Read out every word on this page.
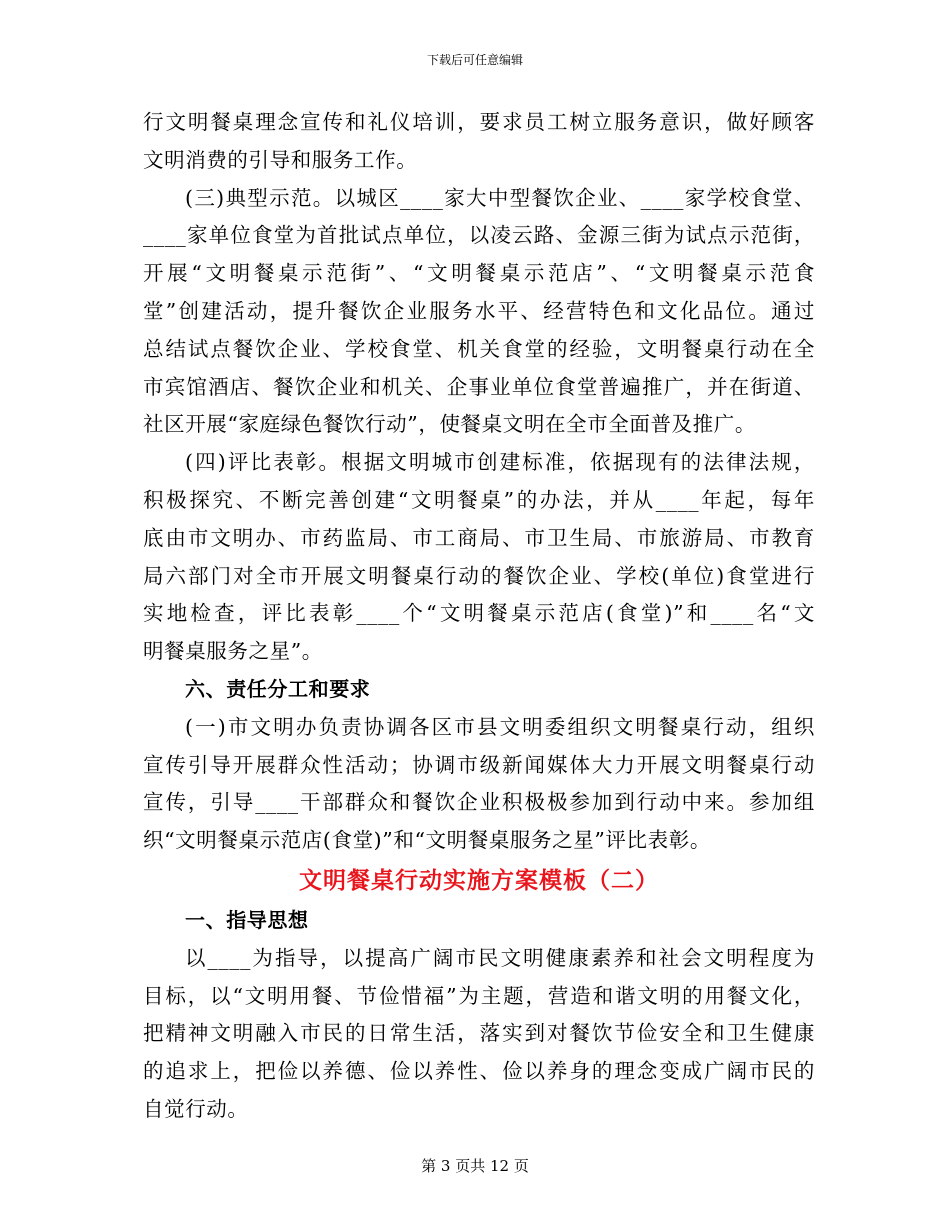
下载后可任意编辑
行文明餐桌理念宣传和礼仪培训，要求员工树立服务意识，做好顾客
文明消费的引导和服务工作。
(三)典型示范。以城区____家大中型餐饮企业、____家学校食堂、
____家单位食堂为首批试点单位，以凌云路、金源三街为试点示范街，
开展“文明餐桌示范街”、“文明餐桌示范店”、“文明餐桌示范食
堂”创建活动，提升餐饮企业服务水平、经营特色和文化品位。通过
总结试点餐饮企业、学校食堂、机关食堂的经验，文明餐桌行动在全
市宾馆酒店、餐饮企业和机关、企事业单位食堂普遍推广，并在街道、
社区开展“家庭绿色餐饮行动”，使餐桌文明在全市全面普及推广。
(四)评比表彰。根据文明城市创建标准，依据现有的法律法规，
积极探究、不断完善创建“文明餐桌”的办法，并从____年起，每年
底由市文明办、市药监局、市工商局、市卫生局、市旅游局、市教育
局六部门对全市开展文明餐桌行动的餐饮企业、学校(单位)食堂进行
实地检查，评比表彰____个“文明餐桌示范店(食堂)”和____名“文
明餐桌服务之星”。
六、责任分工和要求
(一)市文明办负责协调各区市县文明委组织文明餐桌行动，组织
宣传引导开展群众性活动；协调市级新闻媒体大力开展文明餐桌行动
宣传，引导____干部群众和餐饮企业积极极参加到行动中来。参加组
织“文明餐桌示范店(食堂)”和“文明餐桌服务之星”评比表彰。
文明餐桌行动实施方案模板（二）
一、指导思想
以____为指导，以提高广阔市民文明健康素养和社会文明程度为
目标，以“文明用餐、节俭惜福”为主题，营造和谐文明的用餐文化，
把精神文明融入市民的日常生活，落实到对餐饮节俭安全和卫生健康
的追求上，把俭以养德、俭以养性、俭以养身的理念变成广阔市民的
自觉行动。
第 3 页共 12 页
